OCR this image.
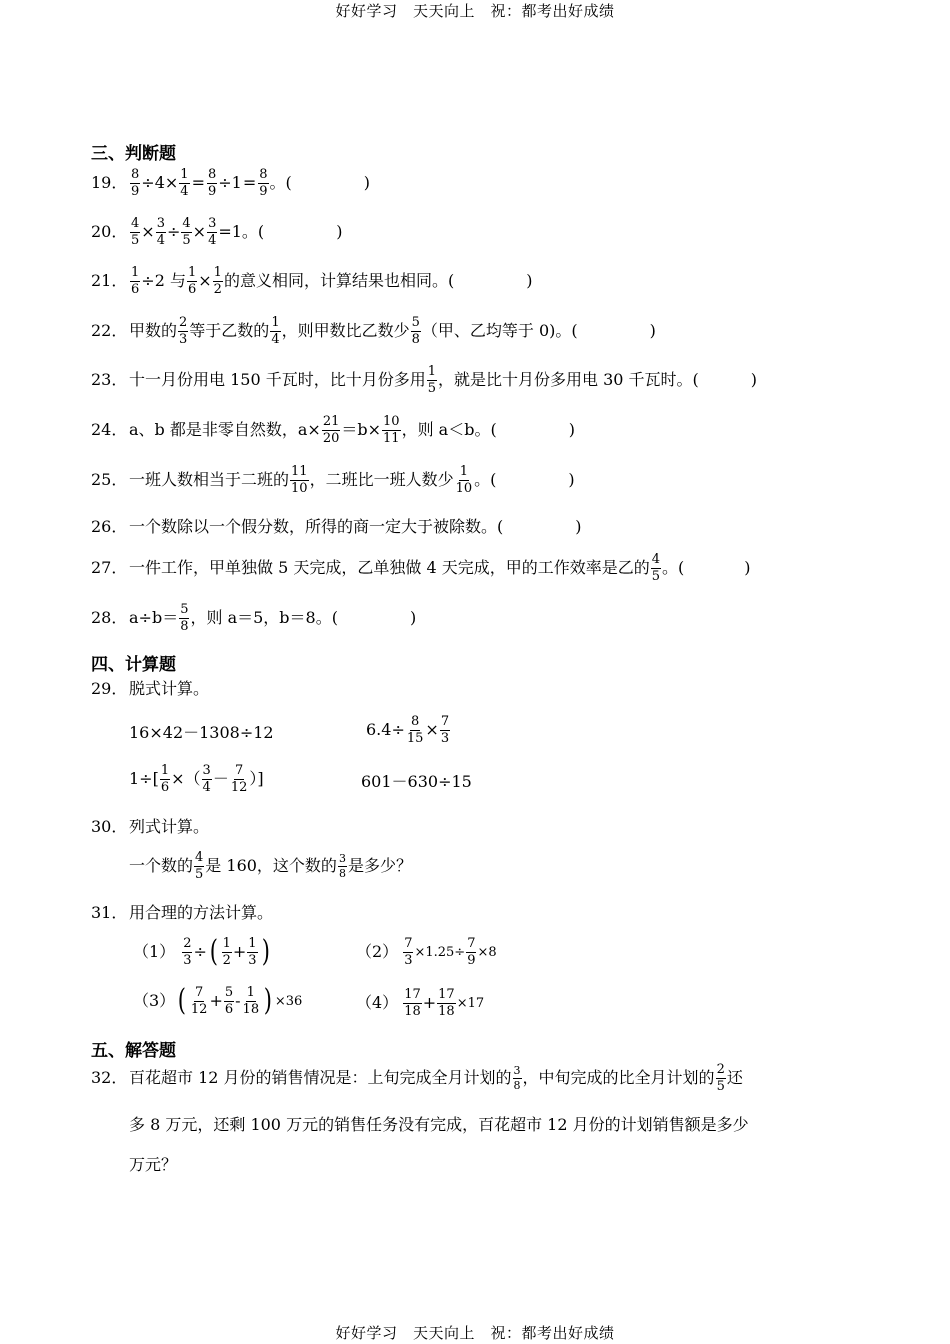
好好学习　天天向上　祝：都考出好成绩
三、判断题
19． $\frac{8}{9} \div 4\times \frac{1}{4} = \frac{8}{9} \div 1 = \frac{8}{9}$ 。(	)
20． $\frac{4}{5} \times \frac{3}{4} \div \frac{4}{5} \times \frac{3}{4} =1$。(	)
21． $\frac{1}{6} \div 2$ 与 $\frac{1}{6} \times \frac{1}{2}$ 的意义相同，计算结果也相同。(	)
22． 甲数的 $\frac{2}{3}$ 等于乙数的 $\frac{1}{4}$ ，则甲数比乙数少 $\frac{5}{8}$ （甲、乙均等于 0)。(	)
23． 十一月份用电 150 千瓦时，比十月份多用 $\frac{1}{5}$ ，就是比十月份多用电 30 千瓦时。(	)
24． a、b 都是非零自然数，$a\times \frac{21}{20} =b\times \frac{10}{11}$ ，则 a＜b。(	)
25． 一班人数相当于二班的 $\frac{11}{10}$ ，二班比一班人数少 $\frac{1}{10}$ 。(	)
26． 一个数除以一个假分数，所得的商一定大于被除数。(	)
27． 一件工作，甲单独做 5 天完成，乙单独做 4 天完成，甲的工作效率是乙的 $\frac{4}{5}$ 。(	)
28． $a\div b= \frac{5}{8}$ ，则 a＝5，b＝8。(	)
四、计算题
29． 脱式计算。
16×42－1308÷12	$6.4\div \frac{8}{15} \times \frac{7}{3}$
$1\div[ \frac{1}{6}$ ×（ $\frac{3}{4} - \frac{7}{12}$ ）]	601－630÷15
30． 列式计算。
一个数的 $\frac{4}{5}$ 是 160，这个数的 $\frac{3}{8}$ 是多少？
31． 用合理的方法计算。
$(1) \frac{2}{3}$ ÷ ( $\frac{1}{2} + \frac{1}{3}$ )	$(2) \frac{7}{3} \times 1.25\div \frac{7}{9} \times 8$
（3） ( $\frac{7}{12} + \frac{5}{6} - \frac{1}{18}$ ) ×36	$(4) \frac{17}{18} + \frac{17}{18} \times 17$
五、解答题
32． 百花超市 12 月份的销售情况是：上旬完成全月计划的 $\frac{3}{8}$ ，中旬完成的比全月计划的 $\frac{2}{5}$ 还
多 8 万元，还剩 100 万元的销售任务没有完成，百花超市 12 月份的计划销售额是多少
万元？
好好学习　天天向上　祝：都考出好成绩
